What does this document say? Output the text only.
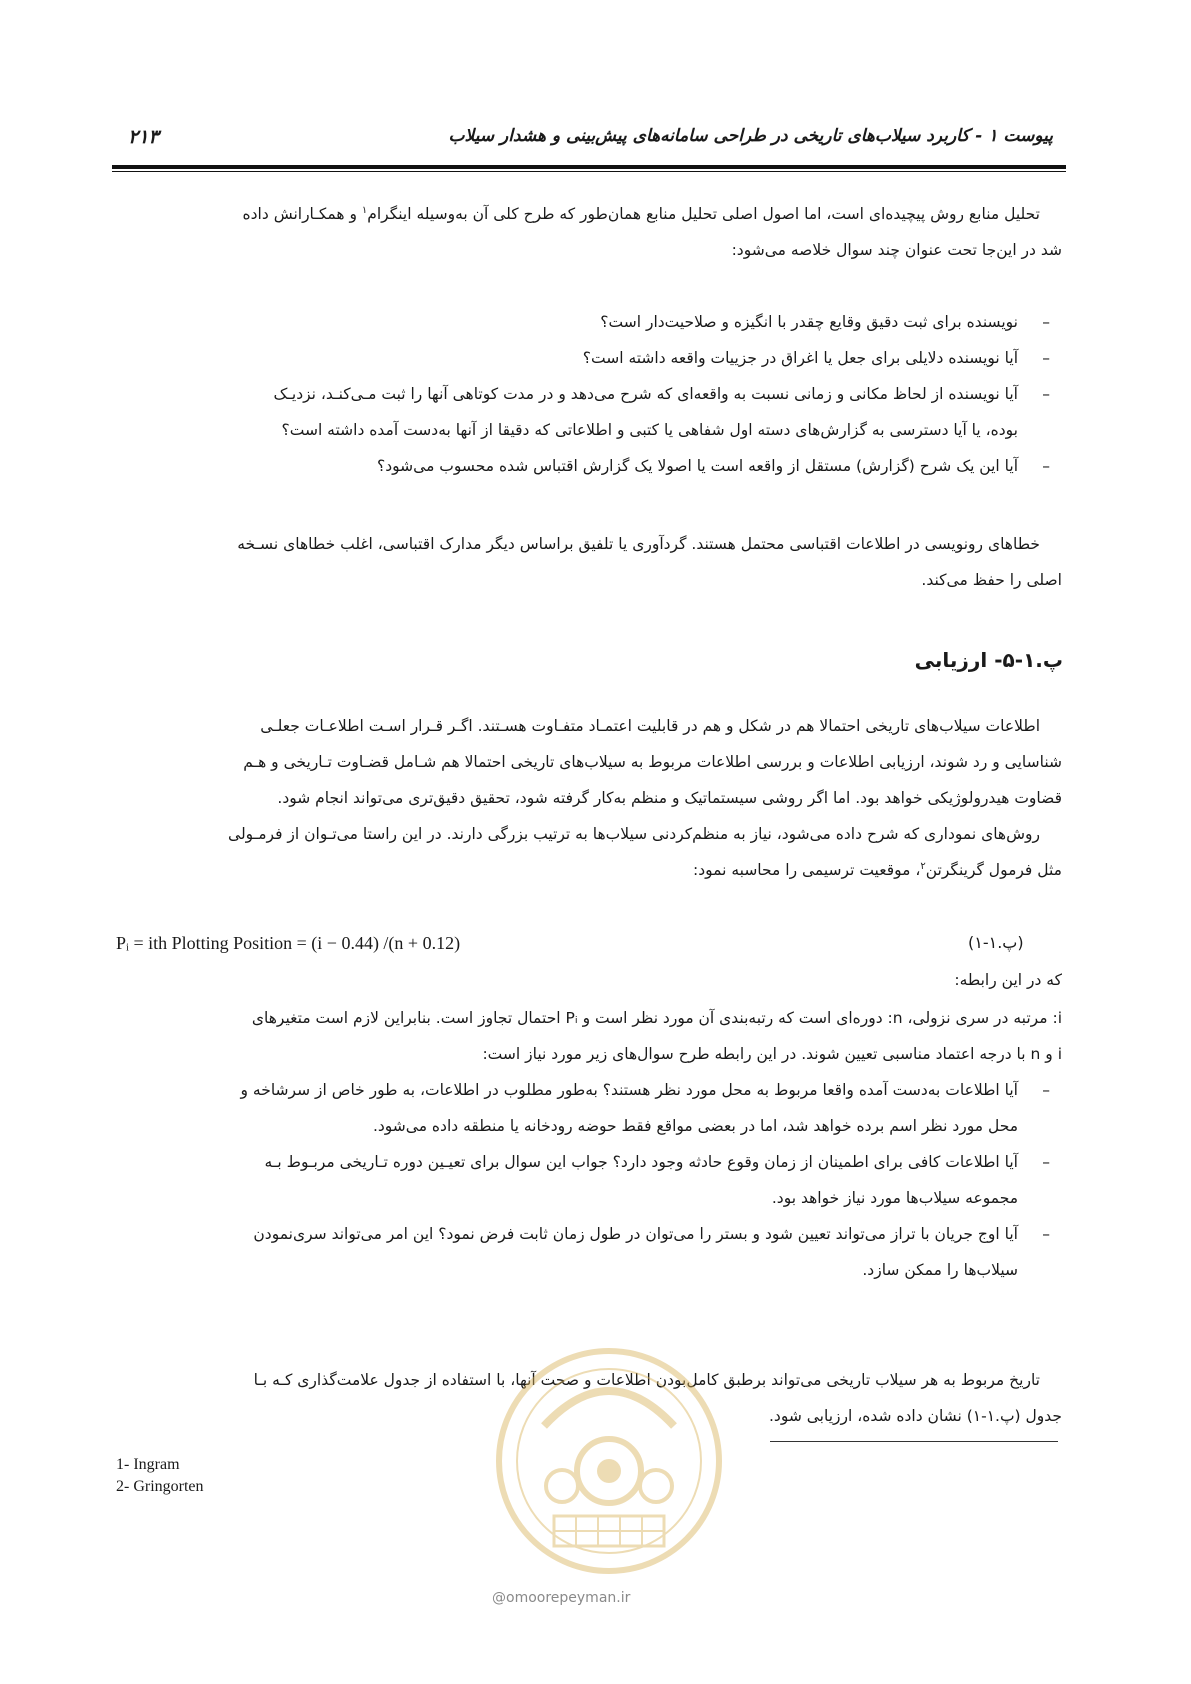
۲۱۳	پیوست ۱ - کاربرد سیلاب‌های تاریخی در طراحی سامانه‌های پیش‌بینی و هشدار سیلاب
تحلیل منابع روش پیچیده‌ای است، اما اصول اصلی تحلیل منابع همان‌طور که طرح کلی آن به‌وسیله اینگرام$^۱$ و همکـارانش داده
شد در این‌جا تحت عنوان چند سوال خلاصه می‌شود:
–
نویسنده برای ثبت دقیق وقایع چقدر با انگیزه و صلاحیت‌دار است؟
–
آیا نویسنده دلایلی برای جعل یا اغراق در جزییات واقعه داشته است؟
–
آیا نویسنده از لحاظ مکانی و زمانی نسبت به واقعه‌ای که شرح می‌دهد و در مدت کوتاهی آنها را ثبت مـی‌کنـد، نزدیـک
بوده، یا آیا دسترسی به گزارش‌های دسته اول شفاهی یا کتبی و اطلاعاتی که دقیقا از آنها به‌دست آمده داشته است؟
–
آیا این یک شرح (گزارش) مستقل از واقعه است یا اصولا یک گزارش اقتباس شده محسوب می‌شود؟
خطاهای رونویسی در اطلاعات اقتباسی محتمل هستند. گردآوری یا تلفیق براساس دیگر مدارک اقتباسی، اغلب خطاهای نسـخه
اصلی را حفظ می‌کند.
پ.۱-۵- ارزیابی
اطلاعات سیلاب‌های تاریخی احتمالا هم در شکل و هم در قابلیت اعتمـاد متفـاوت هسـتند. اگـر قـرار اسـت اطلاعـات جعلـی
شناسایی و رد شوند، ارزیابی اطلاعات و بررسی اطلاعات مربوط به سیلاب‌های تاریخی احتمالا هم شـامل قضـاوت تـاریخی و هـم
قضاوت هیدرولوژیکی خواهد بود. اما اگر روشی سیستماتیک و منظم به‌کار گرفته شود، تحقیق دقیق‌تری می‌تواند انجام شود.
روش‌های نموداری که شرح داده می‌شود، نیاز به منظم‌کردنی سیلاب‌ها به ترتیب بزرگی دارند. در این راستا می‌تـوان از فرمـولی
مثل فرمول گرینگرتن$^۲$، موقعیت ترسیمی را محاسبه نمود:
Pᵢ = ith Plotting Position = (i − 0.44) /(n + 0.12)	(پ.۱-۱)
که در این رابطه:
i: مرتبه در سری نزولی، n: دوره‌ای است که رتبه‌بندی آن مورد نظر است و Pᵢ احتمال تجاوز است. بنابراین لازم است متغیرهای
i و n با درجه اعتماد مناسبی تعیین شوند. در این رابطه طرح سوال‌های زیر مورد نیاز است:
–
آیا اطلاعات به‌دست آمده واقعا مربوط به محل مورد نظر هستند؟ به‌طور مطلوب در اطلاعات، به طور خاص از سرشاخه و
محل مورد نظر اسم برده خواهد شد، اما در بعضی مواقع فقط حوضه رودخانه یا منطقه داده می‌شود.
–
آیا اطلاعات کافی برای اطمینان از زمان وقوع حادثه وجود دارد؟ جواب این سوال برای تعیـین دوره تـاریخی مربـوط بـه
مجموعه سیلاب‌ها مورد نیاز خواهد بود.
–
آیا اوج جریان با تراز می‌تواند تعیین شود و بستر را می‌توان در طول زمان ثابت فرض نمود؟ این امر می‌تواند سری‌نمودن
سیلاب‌ها را ممکن سازد.
تاریخ مربوط به هر سیلاب تاریخی می‌تواند برطبق کامل‌بودن اطلاعات و صحت آنها، با استفاده از جدول علامت‌گذاری کـه بـا
جدول (پ.۱-۱) نشان داده شده، ارزیابی شود.
1- Ingram
2- Gringorten
@omoorepeyman.ir
